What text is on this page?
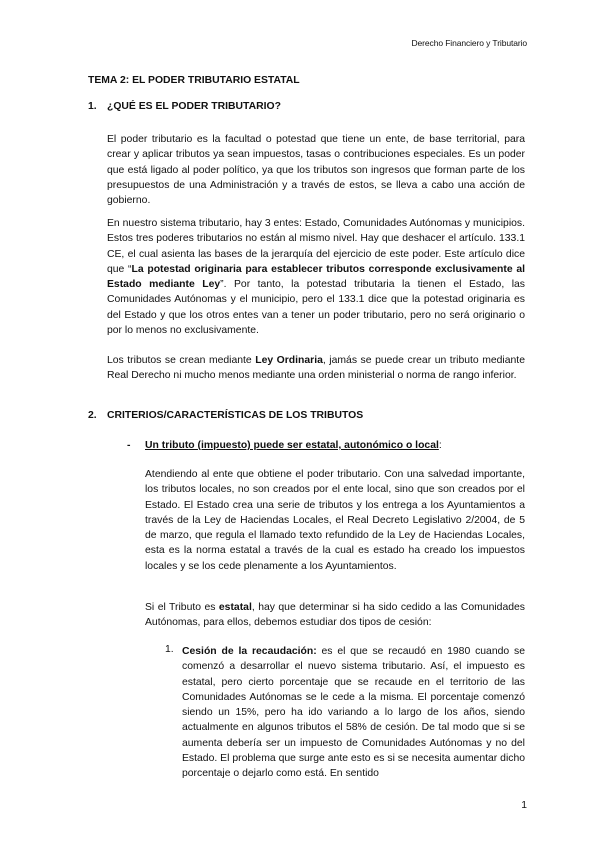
Derecho Financiero y Tributario
TEMA 2: EL PODER TRIBUTARIO ESTATAL
1. ¿QUÉ ES EL PODER TRIBUTARIO?

El poder tributario es la facultad o potestad que tiene un ente, de base territorial, para crear y aplicar tributos ya sean impuestos, tasas o contribuciones especiales. Es un poder que está ligado al poder político, ya que los tributos son ingresos que forman parte de los presupuestos de una Administración y a través de estos, se lleva a cabo una acción de gobierno.

En nuestro sistema tributario, hay 3 entes: Estado, Comunidades Autónomas y municipios. Estos tres poderes tributarios no están al mismo nivel. Hay que deshacer el artículo. 133.1 CE, el cual asienta las bases de la jerarquía del ejercicio de este poder. Este artículo dice que “La potestad originaria para establecer tributos corresponde exclusivamente al Estado mediante Ley”. Por tanto, la potestad tributaria la tienen el Estado, las Comunidades Autónomas y el municipio, pero el 133.1 dice que la potestad originaria es del Estado y que los otros entes van a tener un poder tributario, pero no será originario o por lo menos no exclusivamente.

Los tributos se crean mediante Ley Ordinaria, jamás se puede crear un tributo mediante Real Derecho ni mucho menos mediante una orden ministerial o norma de rango inferior.

2. CRITERIOS/CARACTERÍSTICAS DE LOS TRIBUTOS
- Un tributo (impuesto) puede ser estatal, autonómico o local:

Atendiendo al ente que obtiene el poder tributario. Con una salvedad importante, los tributos locales, no son creados por el ente local, sino que son creados por el Estado. El Estado crea una serie de tributos y los entrega a los Ayuntamientos a través de la Ley de Haciendas Locales, el Real Decreto Legislativo 2/2004, de 5 de marzo, que regula el llamado texto refundido de la Ley de Haciendas Locales, esta es la norma estatal a través de la cual es estado ha creado los impuestos locales y se los cede plenamente a los Ayuntamientos.

Si el Tributo es estatal, hay que determinar si ha sido cedido a las Comunidades Autónomas, para ellos, debemos estudiar dos tipos de cesión:

1. Cesión de la recaudación: es el que se recaudó en 1980 cuando se comenzó a desarrollar el nuevo sistema tributario. Así, el impuesto es estatal, pero cierto porcentaje que se recaude en el territorio de las Comunidades Autónomas se le cede a la misma. El porcentaje comenzó siendo un 15%, pero ha ido variando a lo largo de los años, siendo actualmente en algunos tributos el 58% de cesión. De tal modo que si se aumenta debería ser un impuesto de Comunidades Autónomas y no del Estado. El problema que surge ante esto es si se necesita aumentar dicho porcentaje o dejarlo como está. En sentido
1
